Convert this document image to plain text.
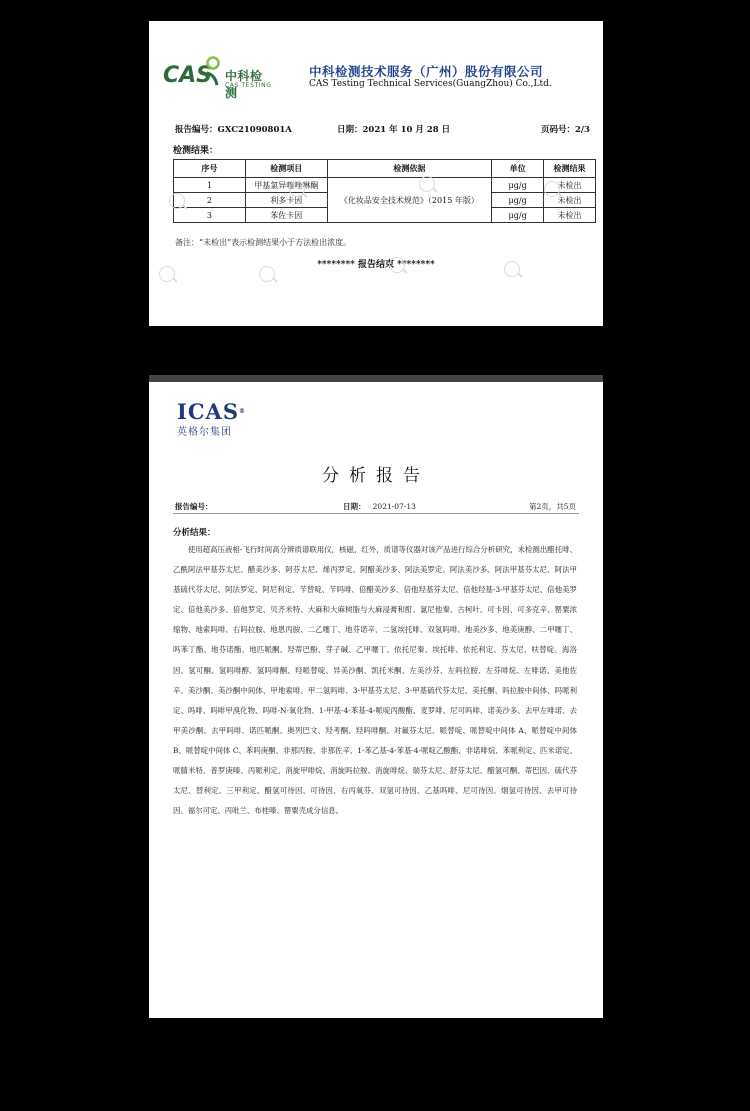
CAS 中科检测
CAS TESTING
中科检测技术服务（广州）股份有限公司
CAS Testing Technical Services(GuangZhou) Co.,Ltd.
报告编号：GXC21090801A	日期：2021 年 10 月 28 日	页码号：2/3
检测结果：
序号	检测项目	检测依据	单位	检测结果
1	甲基氯异噻唑啉酮	《化妆品安全技术规范》（2015 年版）	μg/g	未检出
2	利多卡因		μg/g	未检出
3	苯佐卡因		μg/g	未检出
备注：“未检出”表示检测结果小于方法检出浓度。
******** 报告结束 ********
ICAS®
英格尔集团
分析报告
报告编号：	日期： 2021-07-13	第2页，共5页
分析结果：

使用超高压液相-飞行时间高分辨质谱联用仪，核磁，红外，质谱等仪器对该产品进行综合分析研究，未检测出醋托啡、乙酰阿法甲基芬太尼、醋美沙多、阿芬太尼、烯丙罗定、阿醋美沙多、阿法美罗定、阿法美沙多、阿法甲基芬太尼、阿法甲基硫代芬太尼、阿法罗定、阿尼利定、苄替啶、苄吗啡、倍醋美沙多、倍他羟基芬太尼、倍他羟基-3-甲基芬太尼、倍他美罗定、倍他美沙多、倍他罗定、贝齐米特、大麻和大麻树脂与大麻浸膏和酊、氯尼他秦、古柯叶、可卡因、可多克辛、罂粟浓缩物、地索吗啡、右吗拉胺、地恩丙胺、二乙噻丁、地芬诺辛、二氢埃托啡、双氢吗啡、地美沙多、地美庚醇、二甲噻丁、吗苯丁酯、地芬诺酯、地匹哌酮、羟蒂巴酚、芽子碱、乙甲噻丁、依托尼秦、埃托啡、依托利定、芬太尼、呋替啶、海洛因、氢可酮、氢吗啡醇、氢吗啡酮、羟哌替啶、异美沙酮、凯托米酮、左美沙芬、左吗拉胺、左芬啡烷、左啡诺、美他佐辛、美沙酮、美沙酮中间体、甲地索啡、甲二氢吗啡、3-甲基芬太尼、3-甲基硫代芬太尼、美托酮、吗拉胺中间体、吗哌利定、吗啡、吗啡甲溴化物、吗啡-N-氧化物、1-甲基-4-苯基-4-哌啶丙酸酯、麦罗啡、尼可吗啡、诺美沙多、去甲左啡诺、去甲美沙酮、去甲吗啡、诺匹哌酮、奥列巴文、羟考酮、羟吗啡酮、对氟芬太尼、哌替啶、哌替啶中间体 A、哌替啶中间体 B、哌替啶中间体 C、苯吗庚酮、非那丙胺、非那佐辛、1-苯乙基-4-苯基-4-哌啶乙酸酯、非诺啡烷、苯哌利定、匹米诺定、哌腈米特、普罗庚嗪、丙哌利定、消旋甲啡烷、消旋吗拉胺、消旋啡烷、瑞芬太尼、舒芬太尼、醋氢可酮、蒂巴因、硫代芬太尼、替利定、三甲利定、醋氢可待因、可待因、右丙氧芬、双氢可待因、乙基吗啡、尼可待因、烟氢可待因、去甲可待因、福尔可定、丙吡兰、布桂嗪、罂粟壳成分信息。
